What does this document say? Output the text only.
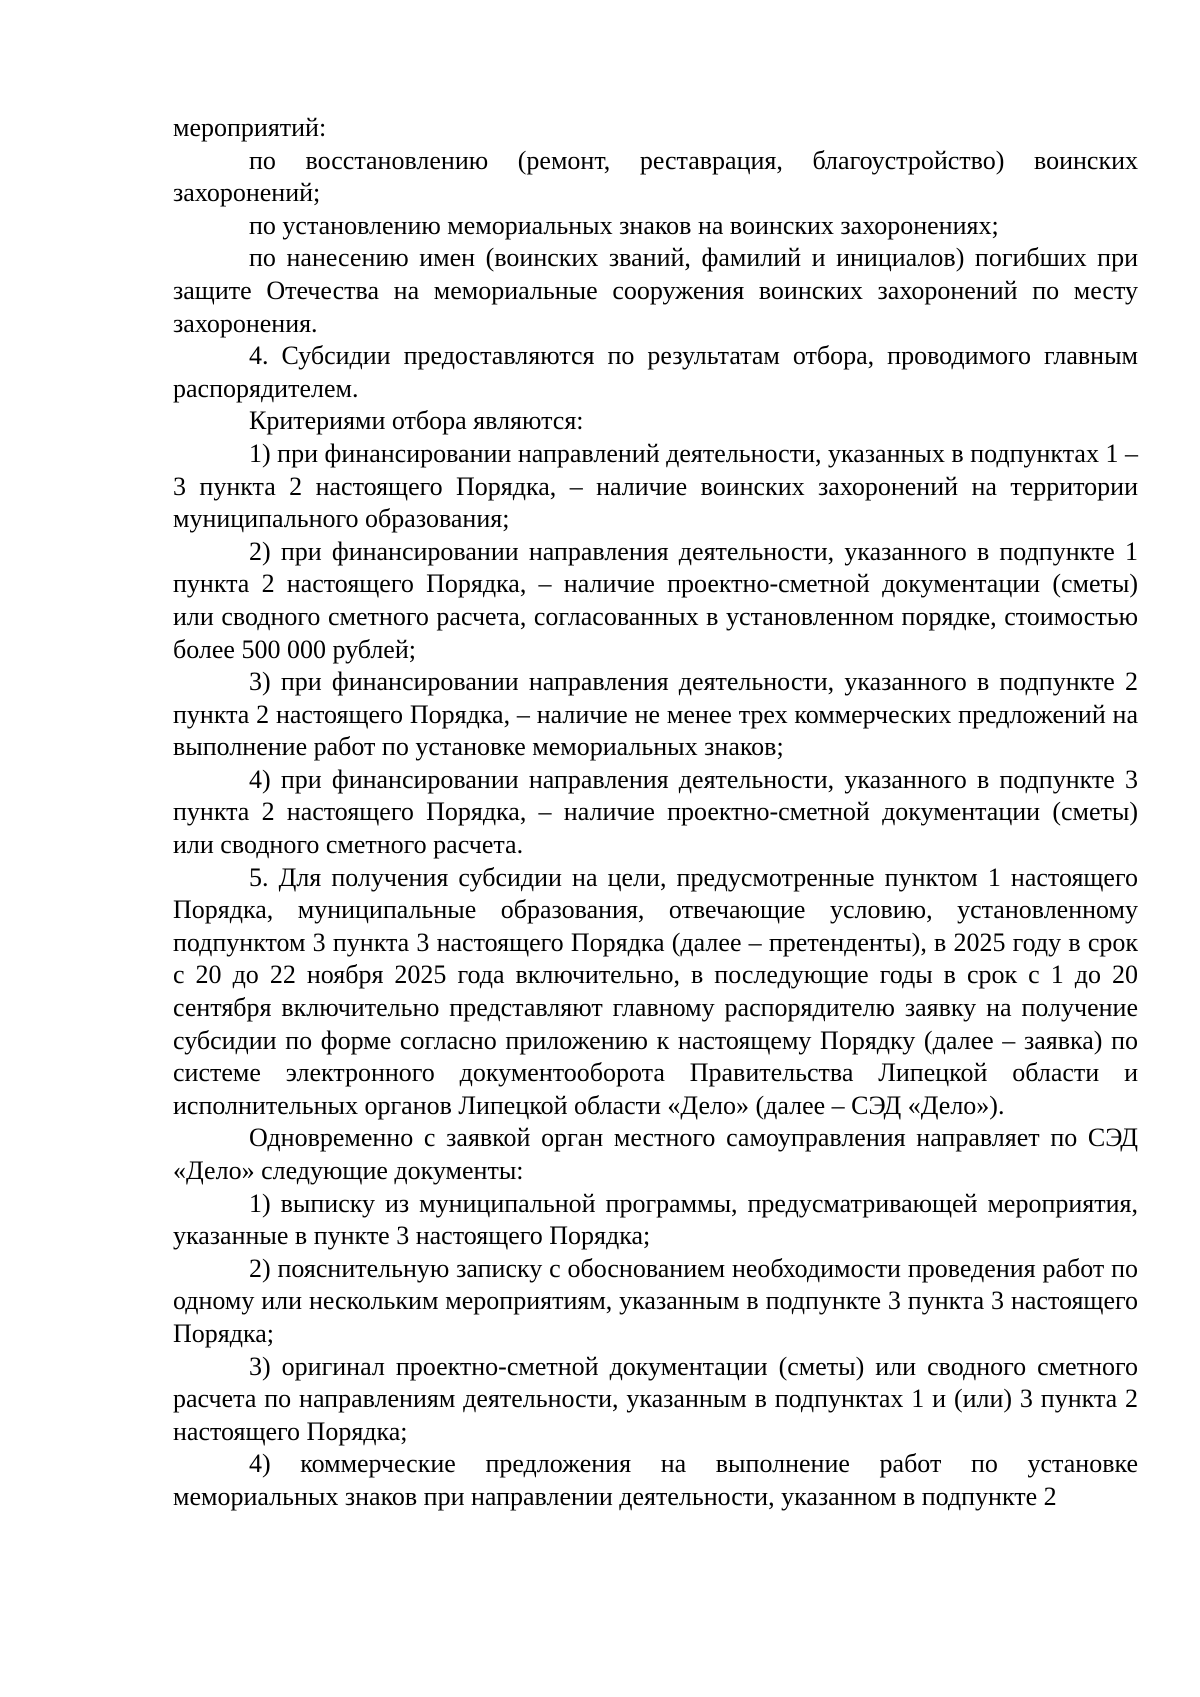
мероприятий:

по восстановлению (ремонт, реставрация, благоустройство) воинских захоронений;

по установлению мемориальных знаков на воинских захоронениях;

по нанесению имен (воинских званий, фамилий и инициалов) погибших при защите Отечества на мемориальные сооружения воинских захоронений по месту захоронения.

4. Субсидии предоставляются по результатам отбора, проводимого главным распорядителем.

Критериями отбора являются:

1) при финансировании направлений деятельности, указанных в подпунктах 1 – 3 пункта 2 настоящего Порядка, – наличие воинских захоронений на территории муниципального образования;

2) при финансировании направления деятельности, указанного в подпункте 1 пункта 2 настоящего Порядка, – наличие проектно-сметной документации (сметы) или сводного сметного расчета, согласованных в установленном порядке, стоимостью более 500 000 рублей;

3) при финансировании направления деятельности, указанного в подпункте 2 пункта 2 настоящего Порядка, – наличие не менее трех коммерческих предложений на выполнение работ по установке мемориальных знаков;

4) при финансировании направления деятельности, указанного в подпункте 3 пункта 2 настоящего Порядка, – наличие проектно-сметной документации (сметы) или сводного сметного расчета.

5. Для получения субсидии на цели, предусмотренные пунктом 1 настоящего Порядка, муниципальные образования, отвечающие условию, установленному подпунктом 3 пункта 3 настоящего Порядка (далее – претенденты), в 2025 году в срок с 20 до 22 ноября 2025 года включительно, в последующие годы в срок с 1 до 20 сентября включительно представляют главному распорядителю заявку на получение субсидии по форме согласно приложению к настоящему Порядку (далее – заявка) по системе электронного документооборота Правительства Липецкой области и исполнительных органов Липецкой области «Дело» (далее – СЭД «Дело»).

Одновременно с заявкой орган местного самоуправления направляет по СЭД «Дело» следующие документы:

1) выписку из муниципальной программы, предусматривающей мероприятия, указанные в пункте 3 настоящего Порядка;

2) пояснительную записку с обоснованием необходимости проведения работ по одному или нескольким мероприятиям, указанным в подпункте 3 пункта 3 настоящего Порядка;

3) оригинал проектно-сметной документации (сметы) или сводного сметного расчета по направлениям деятельности, указанным в подпунктах 1 и (или) 3 пункта 2 настоящего Порядка;

4) коммерческие предложения на выполнение работ по установке мемориальных знаков при направлении деятельности, указанном в подпункте 2
